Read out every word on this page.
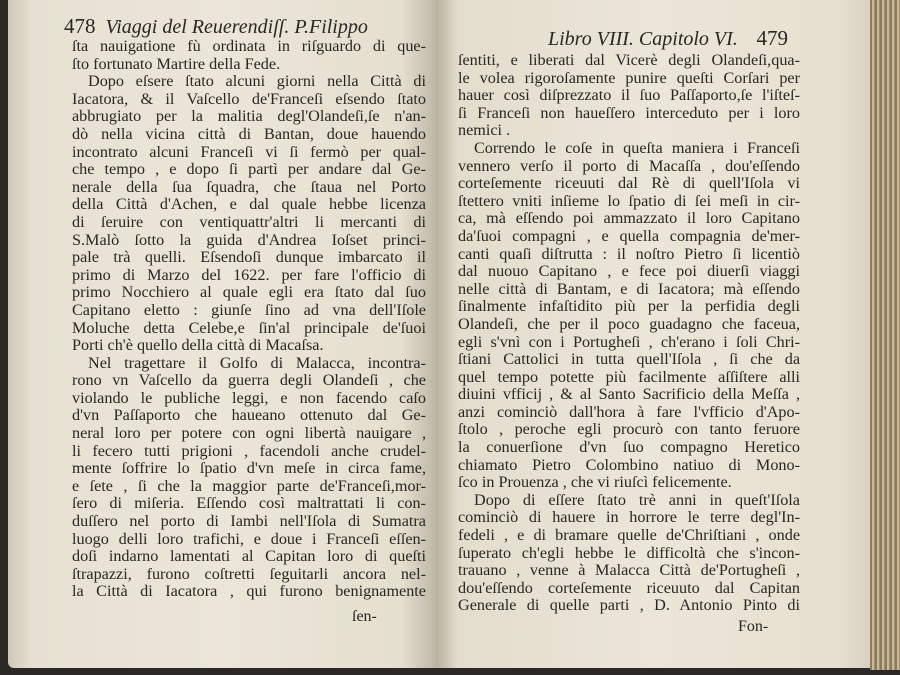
478 Viaggi del Reuerendiſſ. P.Filippo
ſta nauigatione fù ordinata in riſguardo di que-
ſto fortunato Martire della Fede.
Dopo eſsere ſtato alcuni giorni nella Città di
Iacatora, & il Vaſcello de'Franceſi eſsendo ſtato
abbrugiato per la malitia degl'Olandeſi,ſe n'an-
dò nella vicina città di Bantan, doue hauendo
incontrato alcuni Franceſi vi ſi fermò per qual-
che tempo , e dopo ſi partì per andare dal Ge-
nerale della ſua ſquadra, che ſtaua nel Porto
della Città d'Achen, e dal quale hebbe licenza
di ſeruire con ventiquattr'altri li mercanti di
S.Malò ſotto la guida d'Andrea Ioſset princi-
pale trà quelli. Eſsendoſi dunque imbarcato il
primo di Marzo del 1622. per fare l'officio di
primo Nocchiero al quale egli era ſtato dal ſuo
Capitano eletto : giunſe ſino ad vna dell'Iſole
Moluche detta Celebe,e ſin'al principale de'ſuoi
Porti ch'è quello della città di Macaſsa.
Nel tragettare il Golfo di Malacca, incontra-
rono vn Vaſcello da guerra degli Olandeſi , che
violando le publiche leggi, e non facendo caſo
d'vn Paſſaporto che haueano ottenuto dal Ge-
neral loro per potere con ogni libertà nauigare ,
li fecero tutti prigioni , facendoli anche crudel-
mente ſoffrire lo ſpatio d'vn meſe in circa fame,
e ſete , ſi che la maggior parte de'Franceſi,mor-
ſero di miſeria. Eſſendo così maltrattati li con-
duſſero nel porto di Iambi nell'Iſola di Sumatra
luogo delli loro trafichi, e doue i Franceſi eſſen-
doſi indarno lamentati al Capitan loro di queſti
ſtrapazzi, furono coſtretti ſeguitarli ancora nel-
la Città di Iacatora , qui furono benignamente
ſen-
Libro VIII. Capitolo VI. 479
ſentiti, e liberati dal Vicerè degli Olandeſi,qua-
le volea rigoroſamente punire queſti Corſari per
hauer così diſprezzato il ſuo Paſſaporto,ſe l'iſteſ-
ſi Franceſi non haueſſero interceduto per i loro
nemici .
Correndo le coſe in queſta maniera i Franceſi
vennero verſo il porto di Macaſſa , dou'eſſendo
corteſemente riceuuti dal Rè di quell'Iſola vi
ſtettero vniti inſieme lo ſpatio di ſei meſi in cir-
ca, mà eſſendo poi ammazzato il loro Capitano
da'ſuoi compagni , e quella compagnia de'mer-
canti quaſi diſtrutta : il noſtro Pietro ſi licentiò
dal nuouo Capitano , e fece poi diuerſi viaggi
nelle città di Bantam, e di Iacatora; mà eſſendo
ſinalmente infaſtidito più per la perfidia degli
Olandeſi, che per il poco guadagno che faceua,
egli s'vnì con i Portugheſi , ch'erano i ſoli Chri-
ſtiani Cattolici in tutta quell'Iſola , ſi che da
quel tempo potette più facilmente aſſiſtere alli
diuini vfficij , & al Santo Sacrificio della Meſſa ,
anzi cominciò dall'hora à fare l'vfficio d'Apo-
ſtolo , peroche egli procurò con tanto feruore
la conuerſione d'vn ſuo compagno Heretico
chiamato Pietro Colombino natiuo di Mono-
ſco in Prouenza , che vi riuſcì felicemente.
Dopo di eſſere ſtato trè anni in queſt'Iſola
cominciò di hauere in horrore le terre degl'In-
fedeli , e di bramare quelle de'Chriſtiani , onde
ſuperato ch'egli hebbe le difficoltà che s'incon-
trauano , venne à Malacca Città de'Portugheſi ,
dou'eſſendo corteſemente riceuuto dal Capitan
Generale di quelle parti , D. Antonio Pinto di
Fon-
